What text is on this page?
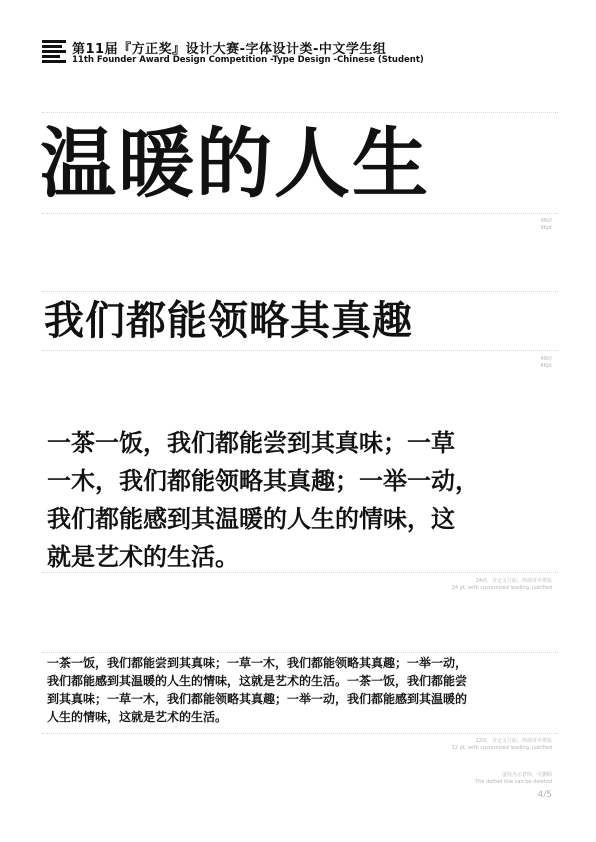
第11届『方正奖』设计大赛-字体设计类-中文学生组
11th Founder Award Design Competition -Type Design -Chinese (Student)
温暖的人生
96磅
96pt
我们都能领略其真趣
48磅
48pt
一茶一饭，我们都能尝到其真味；一草
一木，我们都能领略其真趣；一举一动，
我们都能感到其温暖的人生的情味，这
就是艺术的生活。
24磅，自定义行距，两端对齐排版
24 pt, with customized leading, justified
一茶一饭，我们都能尝到其真味；一草一木，我们都能领略其真趣；一举一动，
我们都能感到其温暖的人生的情味，这就是艺术的生活。一茶一饭，我们都能尝
到其真味；一草一木，我们都能领略其真趣；一举一动，我们都能感到其温暖的
人生的情味，这就是艺术的生活。
12磅，自定义行距，两端对齐排版
12 pt, with customized leading, justified
虚线为示意线，可删除
The dotted line can be deleted
4/5
